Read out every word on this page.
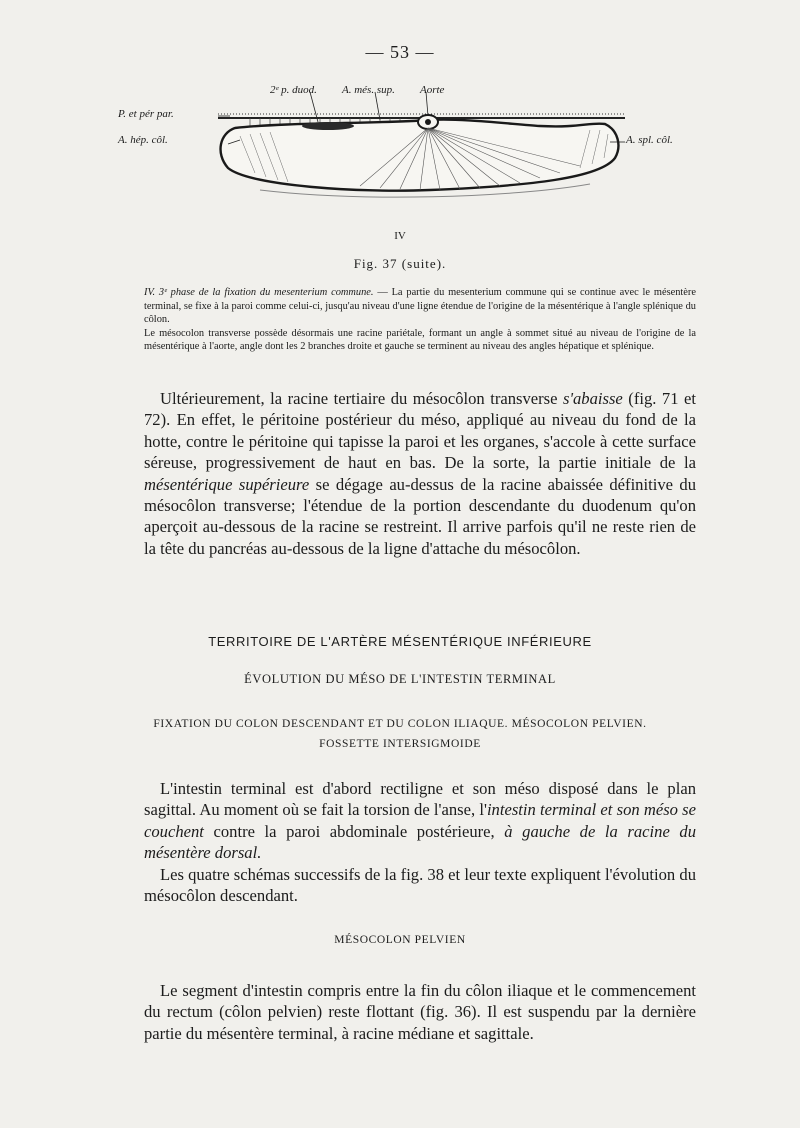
— 53 —
2ᵉ p. duod. A. més. sup. Aorte
P. et pér par.
A. hép. côl.	A. spl. côl.
IV
Fig. 37 (suite).

IV. 3ᵉ phase de la fixation du mesenterium commune. — La partie du mesenterium commune qui se continue avec le mésentère terminal, se fixe à la paroi comme celui-ci, jusqu'au niveau d'une ligne étendue de l'origine de la mésentérique à l'angle splénique du côlon.

Le mésocolon transverse possède désormais une racine pariétale, formant un angle à sommet situé au niveau de l'origine de la mésentérique à l'aorte, angle dont les 2 branches droite et gauche se terminent au niveau des angles hépatique et splénique.

Ultérieurement, la racine tertiaire du mésocôlon transverse s'abaisse (fig. 71 et 72). En effet, le péritoine postérieur du méso, appliqué au niveau du fond de la hotte, contre le péritoine qui tapisse la paroi et les organes, s'accole à cette surface séreuse, progressivement de haut en bas. De la sorte, la partie initiale de la mésentérique supérieure se dégage au-dessus de la racine abaissée définitive du mésocôlon transverse; l'étendue de la portion descendante du duodenum qu'on aperçoit au-dessous de la racine se restreint. Il arrive parfois qu'il ne reste rien de la tête du pancréas au-dessous de la ligne d'attache du mésocôlon.

TERRITOIRE DE L'ARTÈRE MÉSENTÉRIQUE INFÉRIEURE
ÉVOLUTION DU MÉSO DE L'INTESTIN TERMINAL
FIXATION DU COLON DESCENDANT ET DU COLON ILIAQUE. MÉSOCOLON PELVIEN.
FOSSETTE INTERSIGMOIDE

L'intestin terminal est d'abord rectiligne et son méso disposé dans le plan sagittal. Au moment où se fait la torsion de l'anse, l'intestin terminal et son méso se couchent contre la paroi abdominale postérieure, à gauche de la racine du mésentère dorsal.

Les quatre schémas successifs de la fig. 38 et leur texte expliquent l'évolution du mésocôlon descendant.

MÉSOCOLON PELVIEN

Le segment d'intestin compris entre la fin du côlon iliaque et le commencement du rectum (côlon pelvien) reste flottant (fig. 36). Il est suspendu par la dernière partie du mésentère terminal, à racine médiane et sagittale.
